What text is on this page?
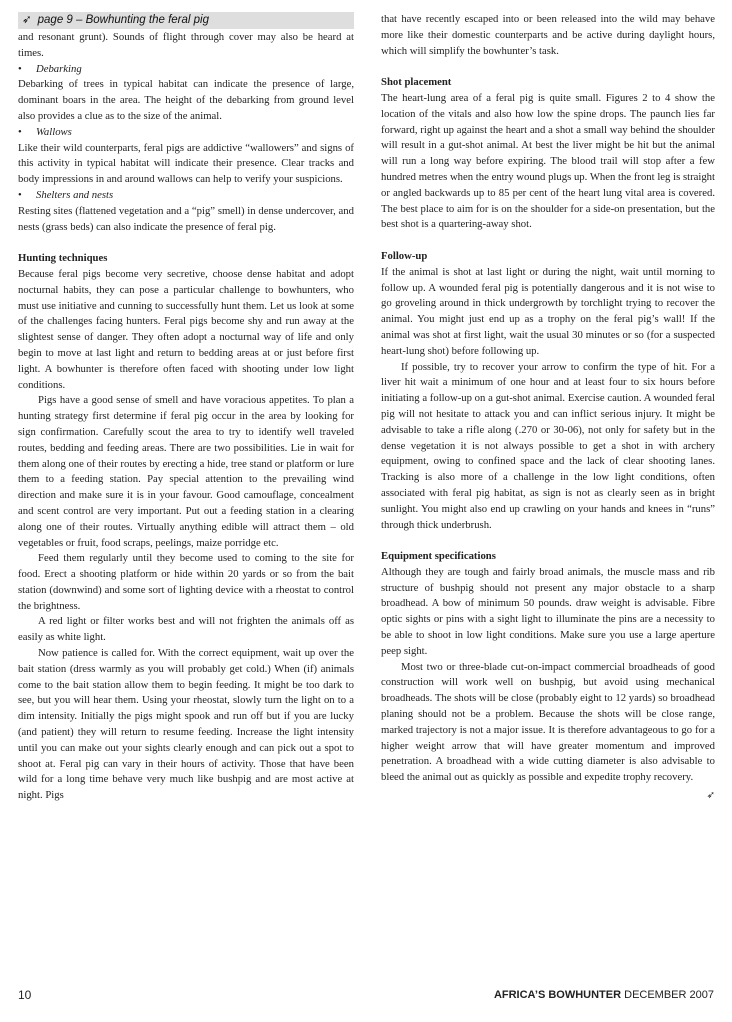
➶ page 9 – Bowhunting the feral pig

and resonant grunt). Sounds of flight through cover may also be heard at times.

• Debarking

Debarking of trees in typical habitat can indicate the presence of large, dominant boars in the area. The height of the debarking from ground level also provides a clue as to the size of the animal.

• Wallows

Like their wild counterparts, feral pigs are addictive “wallowers” and signs of this activity in typical habitat will indicate their presence. Clear tracks and body impressions in and around wallows can help to verify your suspicions.

• Shelters and nests

Resting sites (flattened vegetation and a “pig” smell) in dense undercover, and nests (grass beds) can also indicate the presence of feral pig.

Hunting techniques

Because feral pigs become very secretive, choose dense habitat and adopt nocturnal habits, they can pose a particular challenge to bowhunters, who must use initiative and cunning to successfully hunt them. Let us look at some of the challenges facing hunters. Feral pigs become shy and run away at the slightest sense of danger. They often adopt a nocturnal way of life and only begin to move at last light and return to bedding areas at or just before first light. A bowhunter is therefore often faced with shooting under low light conditions.

Pigs have a good sense of smell and have voracious appetites. To plan a hunting strategy first determine if feral pig occur in the area by looking for sign confirmation. Carefully scout the area to try to identify well traveled routes, bedding and feeding areas. There are two possibilities. Lie in wait for them along one of their routes by erecting a hide, tree stand or platform or lure them to a feeding station. Pay special attention to the prevailing wind direction and make sure it is in your favour. Good camouflage, concealment and scent control are very important. Put out a feeding station in a clearing along one of their routes. Virtually anything edible will attract them – old vegetables or fruit, food scraps, peelings, maize porridge etc.

Feed them regularly until they become used to coming to the site for food. Erect a shooting platform or hide within 20 yards or so from the bait station (downwind) and some sort of lighting device with a rheostat to control the brightness.

A red light or filter works best and will not frighten the animals off as easily as white light.

Now patience is called for. With the correct equipment, wait up over the bait station (dress warmly as you will probably get cold.) When (if) animals come to the bait station allow them to begin feeding. It might be too dark to see, but you will hear them. Using your rheostat, slowly turn the light on to a dim intensity. Initially the pigs might spook and run off but if you are lucky (and patient) they will return to resume feeding. Increase the light intensity until you can make out your sights clearly enough and can pick out a spot to shoot at. Feral pig can vary in their hours of activity. Those that have been wild for a long time behave very much like bushpig and are most active at night. Pigs

that have recently escaped into or been released into the wild may behave more like their domestic counterparts and be active during daylight hours, which will simplify the bowhunter’s task.

Shot placement

The heart-lung area of a feral pig is quite small. Figures 2 to 4 show the location of the vitals and also how low the spine drops. The paunch lies far forward, right up against the heart and a shot a small way behind the shoulder will result in a gut-shot animal. At best the liver might be hit but the animal will run a long way before expiring. The blood trail will stop after a few hundred metres when the entry wound plugs up. When the front leg is straight or angled backwards up to 85 per cent of the heart lung vital area is covered. The best place to aim for is on the shoulder for a side-on presentation, but the best shot is a quartering-away shot.

Follow-up

If the animal is shot at last light or during the night, wait until morning to follow up. A wounded feral pig is potentially dangerous and it is not wise to go groveling around in thick undergrowth by torchlight trying to recover the animal. You might just end up as a trophy on the feral pig’s wall! If the animal was shot at first light, wait the usual 30 minutes or so (for a suspected heart-lung shot) before following up.

If possible, try to recover your arrow to confirm the type of hit. For a liver hit wait a minimum of one hour and at least four to six hours before initiating a follow-up on a gut-shot animal. Exercise caution. A wounded feral pig will not hesitate to attack you and can inflict serious injury. It might be advisable to take a rifle along (.270 or 30-06), not only for safety but in the dense vegetation it is not always possible to get a shot in with archery equipment, owing to confined space and the lack of clear shooting lanes. Tracking is also more of a challenge in the low light conditions, often associated with feral pig habitat, as sign is not as clearly seen as in bright sunlight. You might also end up crawling on your hands and knees in “runs” through thick underbrush.

Equipment specifications

Although they are tough and fairly broad animals, the muscle mass and rib structure of bushpig should not present any major obstacle to a sharp broadhead. A bow of minimum 50 pounds. draw weight is advisable. Fibre optic sights or pins with a sight light to illuminate the pins are a necessity to be able to shoot in low light conditions. Make sure you use a large aperture peep sight.

Most two or three-blade cut-on-impact commercial broadheads of good construction will work well on bushpig, but avoid using mechanical broadheads. The shots will be close (probably eight to 12 yards) so broadhead planing should not be a problem. Because the shots will be close range, marked trajectory is not a major issue. It is therefore advantageous to go for a higher weight arrow that will have greater momentum and improved penetration. A broadhead with a wide cutting diameter is also advisable to bleed the animal out as quickly as possible and expedite trophy recovery.
➶

10	AFRICA’S BOWHUNTER DECEMBER 2007
